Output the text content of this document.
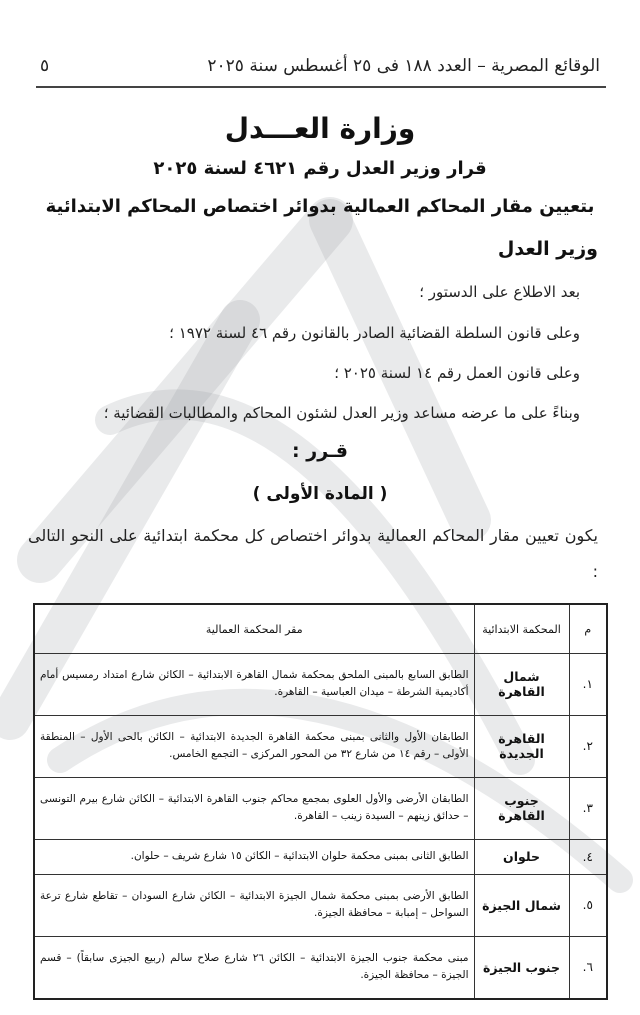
الوقائع المصرية – العدد ١٨٨ فى ٢٥ أغسطس سنة ٢٠٢٥
٥
وزارة العـــدل
قرار وزير العدل رقم ٤٦٢١ لسنة ٢٠٢٥
بتعيين مقار المحاكم العمالية بدوائر اختصاص المحاكم الابتدائية
وزير العدل
بعد الاطلاع على الدستور ؛
وعلى قانون السلطة القضائية الصادر بالقانون رقم ٤٦ لسنة ١٩٧٢ ؛
وعلى قانون العمل رقم ١٤ لسنة ٢٠٢٥ ؛
وبناءً على ما عرضه مساعد وزير العدل لشئون المحاكم والمطالبات القضائية ؛
قـرر :
( المادة الأولى )
يكون تعيين مقار المحاكم العمالية بدوائر اختصاص كل محكمة ابتدائية على النحو التالى :
م	المحكمة الابتدائية	مقر المحكمة العمالية
١.	شمال القاهرة	الطابق السابع بالمبنى الملحق بمحكمة شمال القاهرة الابتدائية – الكائن شارع امتداد رمسيس أمام أكاديمية الشرطة – ميدان العباسية – القاهرة.
٢.	القاهرة الجديدة	الطابقان الأول والثانى بمبنى محكمة القاهرة الجديدة الابتدائية – الكائن بالحى الأول – المنطقة الأولى – رقم ١٤ من شارع ٣٢ من المحور المركزى – التجمع الخامس.
٣.	جنوب القاهرة	الطابقان الأرضى والأول العلوى بمجمع محاكم جنوب القاهرة الابتدائية – الكائن شارع بيرم التونسى – حدائق زينهم – السيدة زينب – القاهرة.
٤.	حلوان	الطابق الثانى بمبنى محكمة حلوان الابتدائية – الكائن ١٥ شارع شريف – حلوان.
٥.	شمال الجيزة	الطابق الأرضى بمبنى محكمة شمال الجيزة الابتدائية – الكائن شارع السودان – تقاطع شارع ترعة السواحل – إمبابة – محافظة الجيزة.
٦.	جنوب الجيزة	مبنى محكمة جنوب الجيزة الابتدائية – الكائن ٢٦ شارع صلاح سالم (ربيع الجيزى سابقاً) – قسم الجيزة – محافظة الجيزة.
